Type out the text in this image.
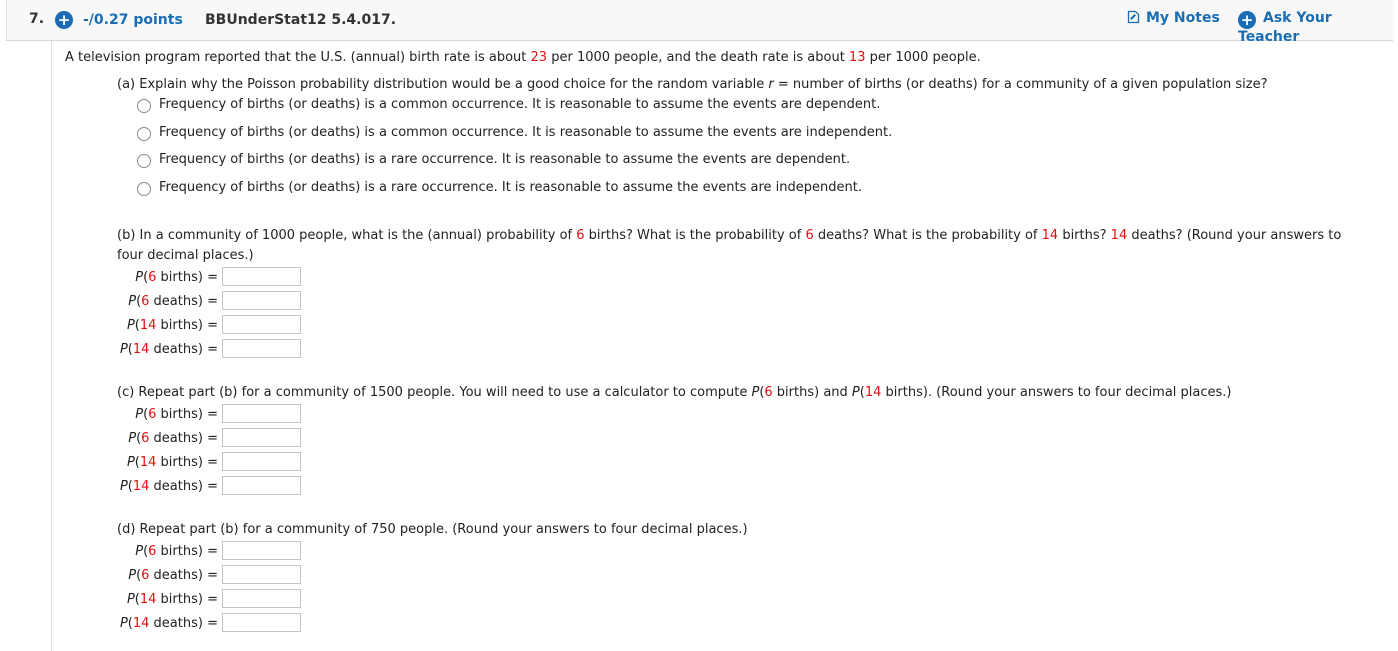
7. + -/0.27 points BBUnderStat12 5.4.017.	My Notes + Ask Your Teacher
A television program reported that the U.S. (annual) birth rate is about 23 per 1000 people, and the death rate is about 13 per 1000 people.
(a) Explain why the Poisson probability distribution would be a good choice for the random variable r = number of births (or deaths) for a community of a given population size?
Frequency of births (or deaths) is a common occurrence. It is reasonable to assume the events are dependent.
Frequency of births (or deaths) is a common occurrence. It is reasonable to assume the events are independent.
Frequency of births (or deaths) is a rare occurrence. It is reasonable to assume the events are dependent.
Frequency of births (or deaths) is a rare occurrence. It is reasonable to assume the events are independent.
(b) In a community of 1000 people, what is the (annual) probability of 6 births? What is the probability of 6 deaths? What is the probability of 14 births? 14 deaths? (Round your answers to
four decimal places.)
P(6 births) =
P(6 deaths) =
P(14 births) =
P(14 deaths) =
(c) Repeat part (b) for a community of 1500 people. You will need to use a calculator to compute P(6 births) and P(14 births). (Round your answers to four decimal places.)
P(6 births) =
P(6 deaths) =
P(14 births) =
P(14 deaths) =
(d) Repeat part (b) for a community of 750 people. (Round your answers to four decimal places.)
P(6 births) =
P(6 deaths) =
P(14 births) =
P(14 deaths) =
